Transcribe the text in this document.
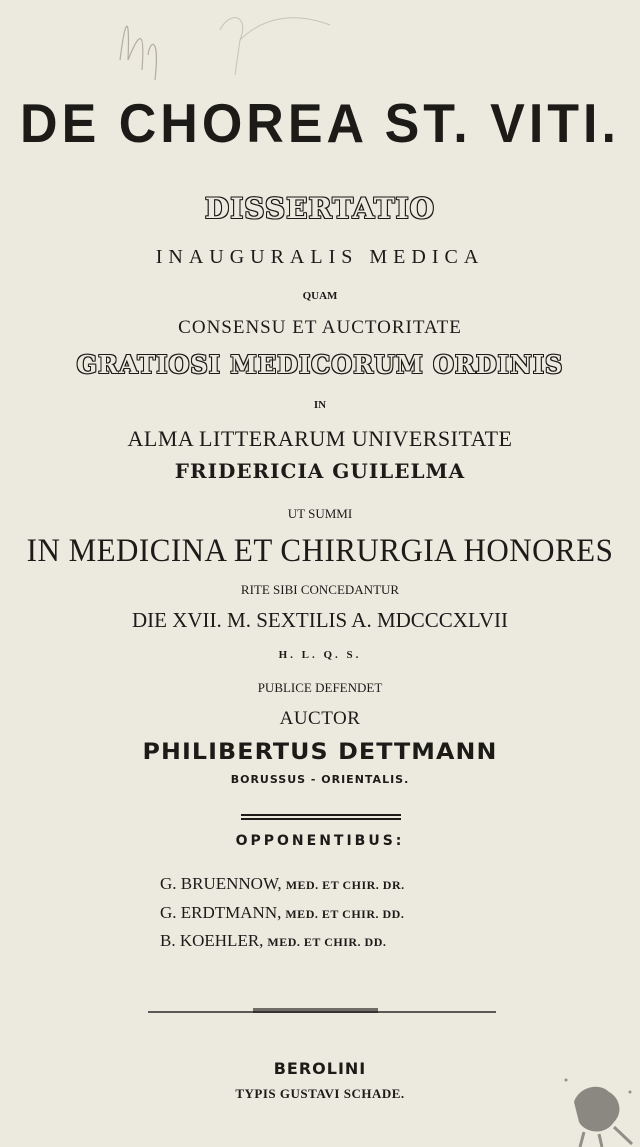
DE CHOREA ST. VITI.
DISSERTATIO
INAUGURALIS MEDICA
QUAM
CONSENSU ET AUCTORITATE
GRATIOSI MEDICORUM ORDINIS
IN
ALMA LITTERARUM UNIVERSITATE
FRIDERICIA GUILELMA
UT SUMMI
IN MEDICINA ET CHIRURGIA HONORES
RITE SIBI CONCEDANTUR
DIE XVII. M. SEXTILIS A. MDCCCXLVII
H. L. Q. S.
PUBLICE DEFENDET
AUCTOR
PHILIBERTUS DETTMANN
BORUSSUS - ORIENTALIS.
OPPONENTIBUS:
G. BRUENNOW, MED. ET CHIR. DR.
G. ERDTMANN, MED. ET CHIR. DD.
B. KOEHLER, MED. ET CHIR. DD.
BEROLINI
TYPIS GUSTAVI SCHADE.
